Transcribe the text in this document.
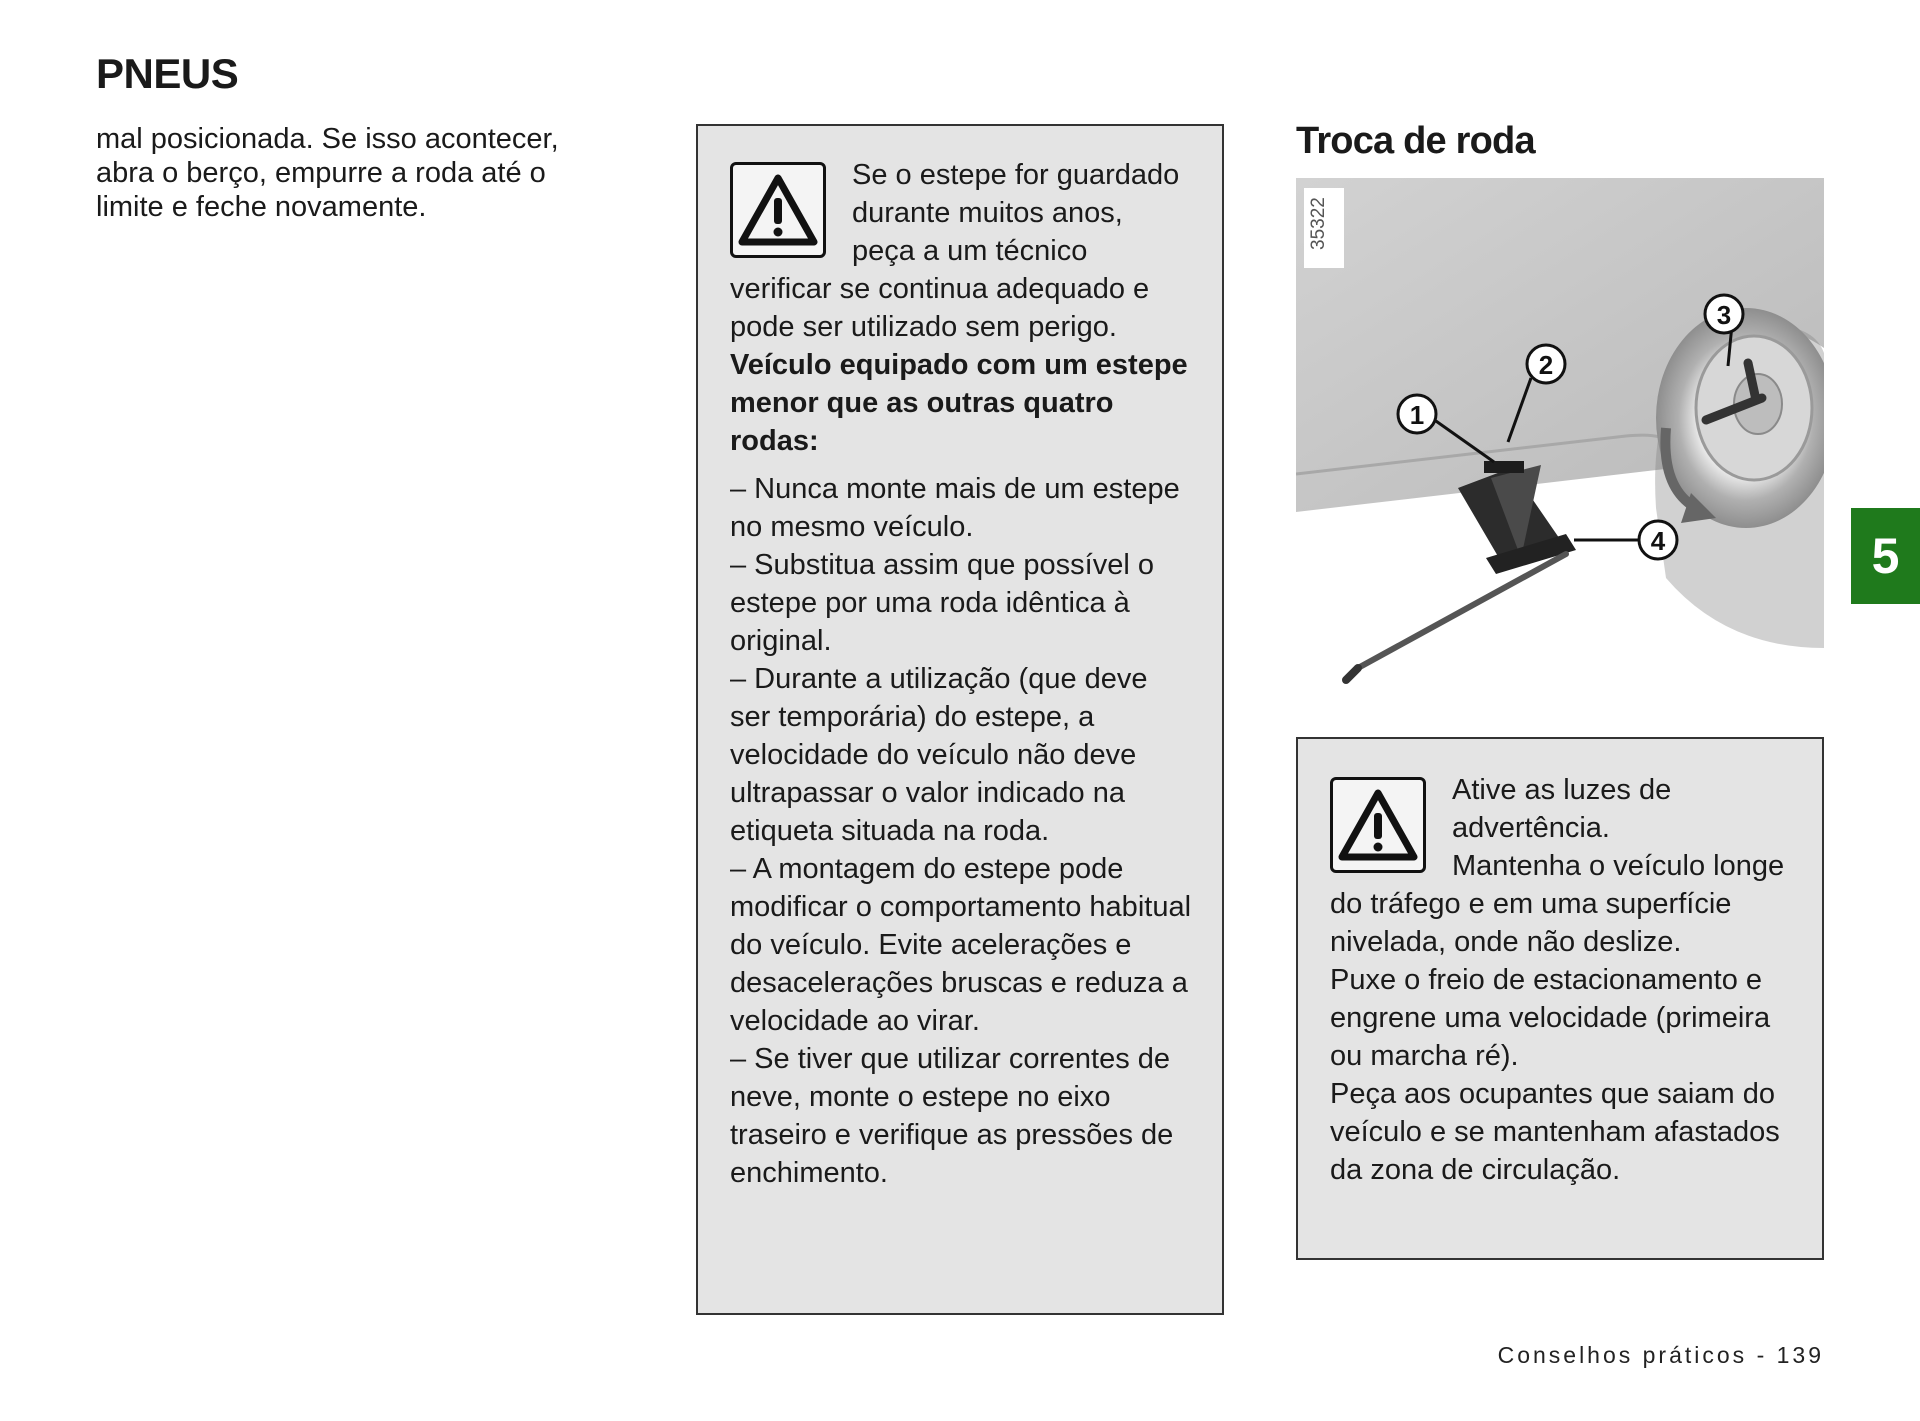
PNEUS

mal posicionada. Se isso acontecer, abra o berço, empurre a roda até o limite e feche novamente.

Se o estepe for guardado durante muitos anos, peça a um técnico verificar se continua adequado e pode ser utilizado sem perigo.

Veículo equipado com um estepe menor que as outras quatro rodas:

– Nunca monte mais de um estepe no mesmo veículo.

– Substitua assim que possível o estepe por uma roda idêntica à original.

– Durante a utilização (que deve ser temporária) do estepe, a velocidade do veículo não deve ultrapassar o valor indicado na etiqueta situada na roda.

– A montagem do estepe pode modificar o comportamento habitual do veículo. Evite acelerações e desacelerações bruscas e reduza a velocidade ao virar.

– Se tiver que utilizar correntes de neve, monte o estepe no eixo traseiro e verifique as pressões de enchimento.

Troca de roda
35322
1
2
3
4

Ative as luzes de advertência.

Mantenha o veículo longe do tráfego e em uma superfície nivelada, onde não deslize.

Puxe o freio de estacionamento e engrene uma velocidade (primeira ou marcha ré).

Peça aos ocupantes que saiam do veículo e se mantenham afastados da zona de circulação.

5

Conselhos práticos - 139
